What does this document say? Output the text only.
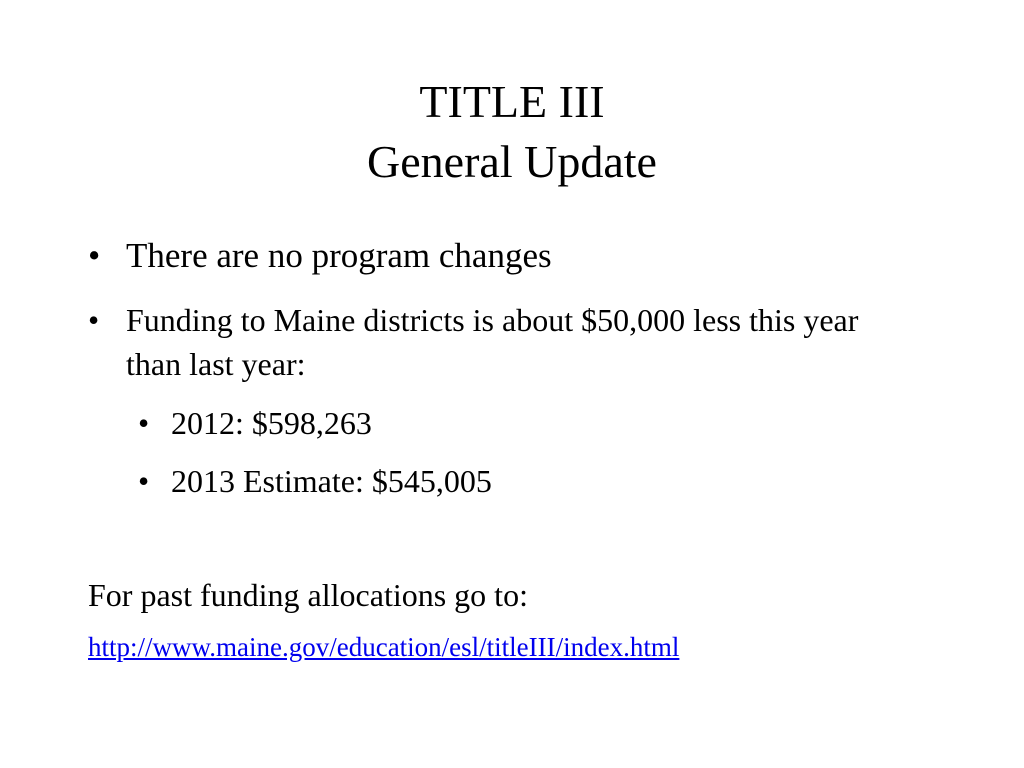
TITLE III
General Update
• There are no program changes
• Funding to Maine districts is about $50,000 less this year than last year:
• 2012: $598,263
• 2013 Estimate: $545,005
For past funding allocations go to:
http://www.maine.gov/education/esl/titleIII/index.html
